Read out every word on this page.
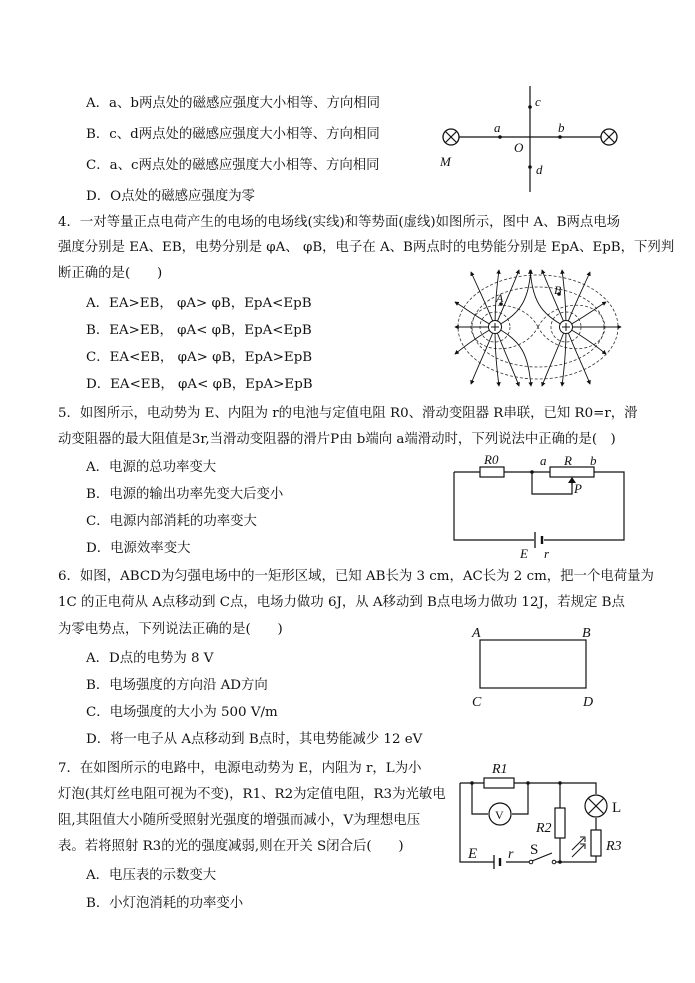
A．a、b两点处的磁感应强度大小相等、方向相同
B．c、d两点处的磁感应强度大小相等、方向相同
C．a、c两点处的磁感应强度大小相等、方向相同
D．O点处的磁感应强度为零
c
a	b
O
d
M
4．一对等量正点电荷产生的电场的电场线(实线)和等势面(虚线)如图所示，图中 A、B两点电场
强度分别是 EA、EB，电势分别是 φA、 φB，电子在 A、B两点时的电势能分别是 EpA、EpB，下列判
断正确的是(　　)
A．EA>EB， φA> φB，EpA<EpB
B．EA>EB， φA< φB，EpA<EpB
C．EA<EB， φA> φB，EpA>EpB
D．EA<EB， φA< φB，EpA>EpB
A
B
5．如图所示，电动势为 E、内阻为 r的电池与定值电阻 R0、滑动变阻器 R串联，已知 R0=r，滑
动变阻器的最大阻值是3r,当滑动变阻器的滑片P由 b端向 a端滑动时，下列说法中正确的是(　)
A．电源的总功率变大
B．电源的输出功率先变大后变小
C．电源内部消耗的功率变大
D．电源效率变大
R0	a R b
P
E r
6．如图，ABCD为匀强电场中的一矩形区域，已知 AB长为 3 cm，AC长为 2 cm，把一个电荷量为
1C 的正电荷从 A点移动到 C点，电场力做功 6J，从 A移动到 B点电场力做功 12J，若规定 B点
为零电势点，下列说法正确的是(　　)
A．D点的电势为 8 V
B．电场强度的方向沿 AD方向
C．电场强度的大小为 500 V/m
D．将一电子从 A点移动到 B点时，其电势能减少 12 eV
A	B
C	D
7．在如图所示的电路中，电源电动势为 E，内阻为 r，L为小
灯泡(其灯丝电阻可视为不变)，R1、R2为定值电阻，R3为光敏电
阻,其阻值大小随所受照射光强度的增强而减小，V为理想电压
表。若将照射 R3的光的强度减弱,则在开关 S闭合后(　　)
A．电压表的示数变大
B．小灯泡消耗的功率变小
R1
V
R2
L
R3
E r S
